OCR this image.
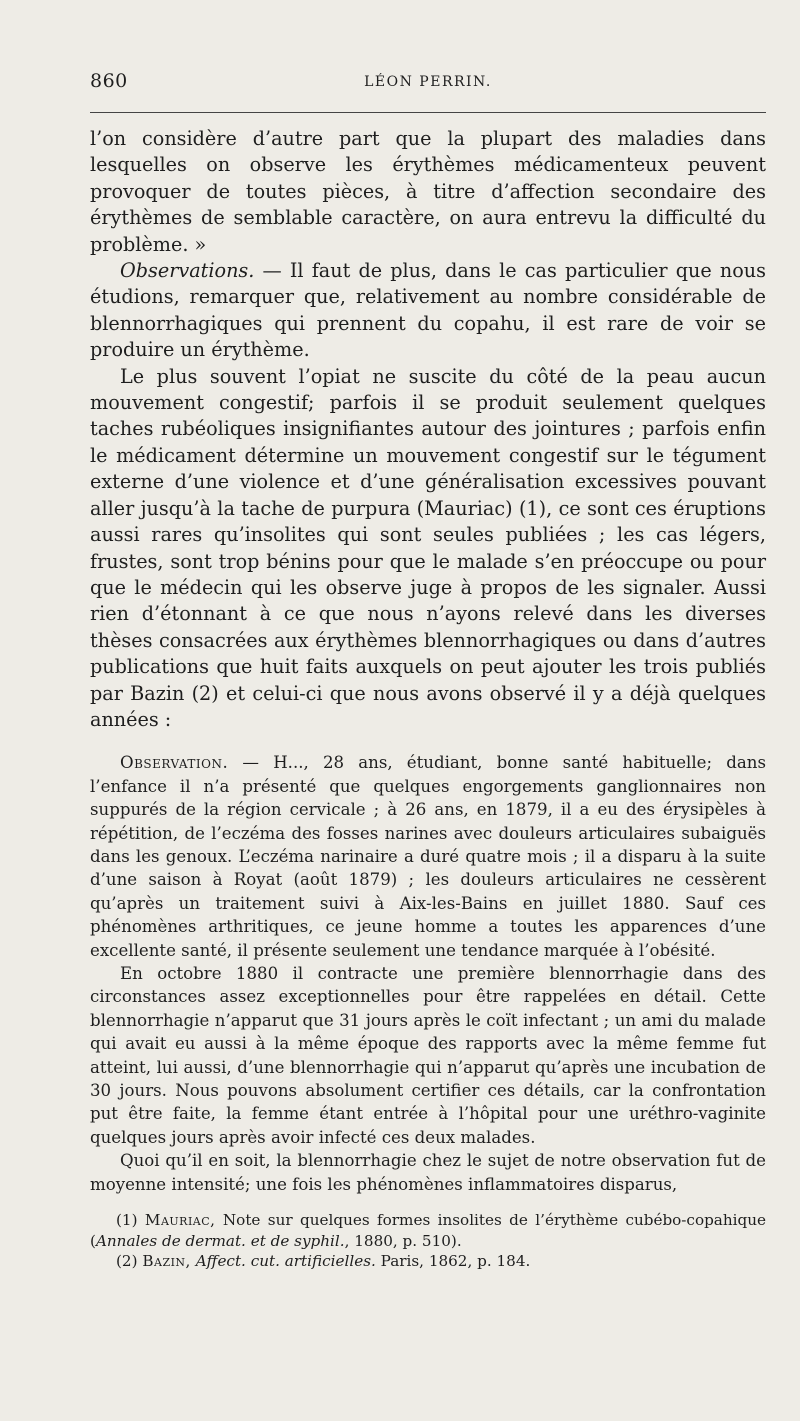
860	LÉON PERRIN.

l’on considère d’autre part que la plupart des maladies dans lesquelles on observe les érythèmes médicamenteux peuvent provoquer de toutes pièces, à titre d’affection secondaire des érythèmes de semblable caractère, on aura entrevu la difficulté du problème. »

Observations. — Il faut de plus, dans le cas particulier que nous étudions, remarquer que, relativement au nombre considérable de blennorrhagiques qui prennent du copahu, il est rare de voir se produire un érythème.

Le plus souvent l’opiat ne suscite du côté de la peau aucun mouvement congestif; parfois il se produit seulement quelques taches rubéoliques insignifiantes autour des jointures ; parfois enfin le médicament détermine un mouvement congestif sur le tégument externe d’une violence et d’une généralisation excessives pouvant aller jusqu’à la tache de purpura (Mauriac) (1), ce sont ces éruptions aussi rares qu’insolites qui sont seules publiées ; les cas légers, frustes, sont trop bénins pour que le malade s’en préoccupe ou pour que le médecin qui les observe juge à propos de les signaler. Aussi rien d’étonnant à ce que nous n’ayons relevé dans les diverses thèses consacrées aux érythèmes blennorrhagiques ou dans d’autres publications que huit faits auxquels on peut ajouter les trois publiés par Bazin (2) et celui-ci que nous avons observé il y a déjà quelques années :

Observation. — H..., 28 ans, étudiant, bonne santé habituelle; dans l’enfance il n’a présenté que quelques engorgements ganglionnaires non suppurés de la région cervicale ; à 26 ans, en 1879, il a eu des érysipèles à répétition, de l’eczéma des fosses narines avec douleurs articulaires subaiguës dans les genoux. L’eczéma narinaire a duré quatre mois ; il a disparu à la suite d’une saison à Royat (août 1879) ; les douleurs articulaires ne cessèrent qu’après un traitement suivi à Aix-les-Bains en juillet 1880. Sauf ces phénomènes arthritiques, ce jeune homme a toutes les apparences d’une excellente santé, il présente seulement une tendance marquée à l’obésité.

En octobre 1880 il contracte une première blennorrhagie dans des circonstances assez exceptionnelles pour être rappelées en détail. Cette blennorrhagie n’apparut que 31 jours après le coït infectant ; un ami du malade qui avait eu aussi à la même époque des rapports avec la même femme fut atteint, lui aussi, d’une blennorrhagie qui n’apparut qu’après une incubation de 30 jours. Nous pouvons absolument certifier ces détails, car la confrontation put être faite, la femme étant entrée à l’hôpital pour une uréthro-vaginite quelques jours après avoir infecté ces deux malades.

Quoi qu’il en soit, la blennorrhagie chez le sujet de notre observation fut de moyenne intensité; une fois les phénomènes inflammatoires disparus,

(1) Mauriac, Note sur quelques formes insolites de l’érythème cubébo-copahique (Annales de dermat. et de syphil., 1880, p. 510).

(2) Bazin, Affect. cut. artificielles. Paris, 1862, p. 184.
